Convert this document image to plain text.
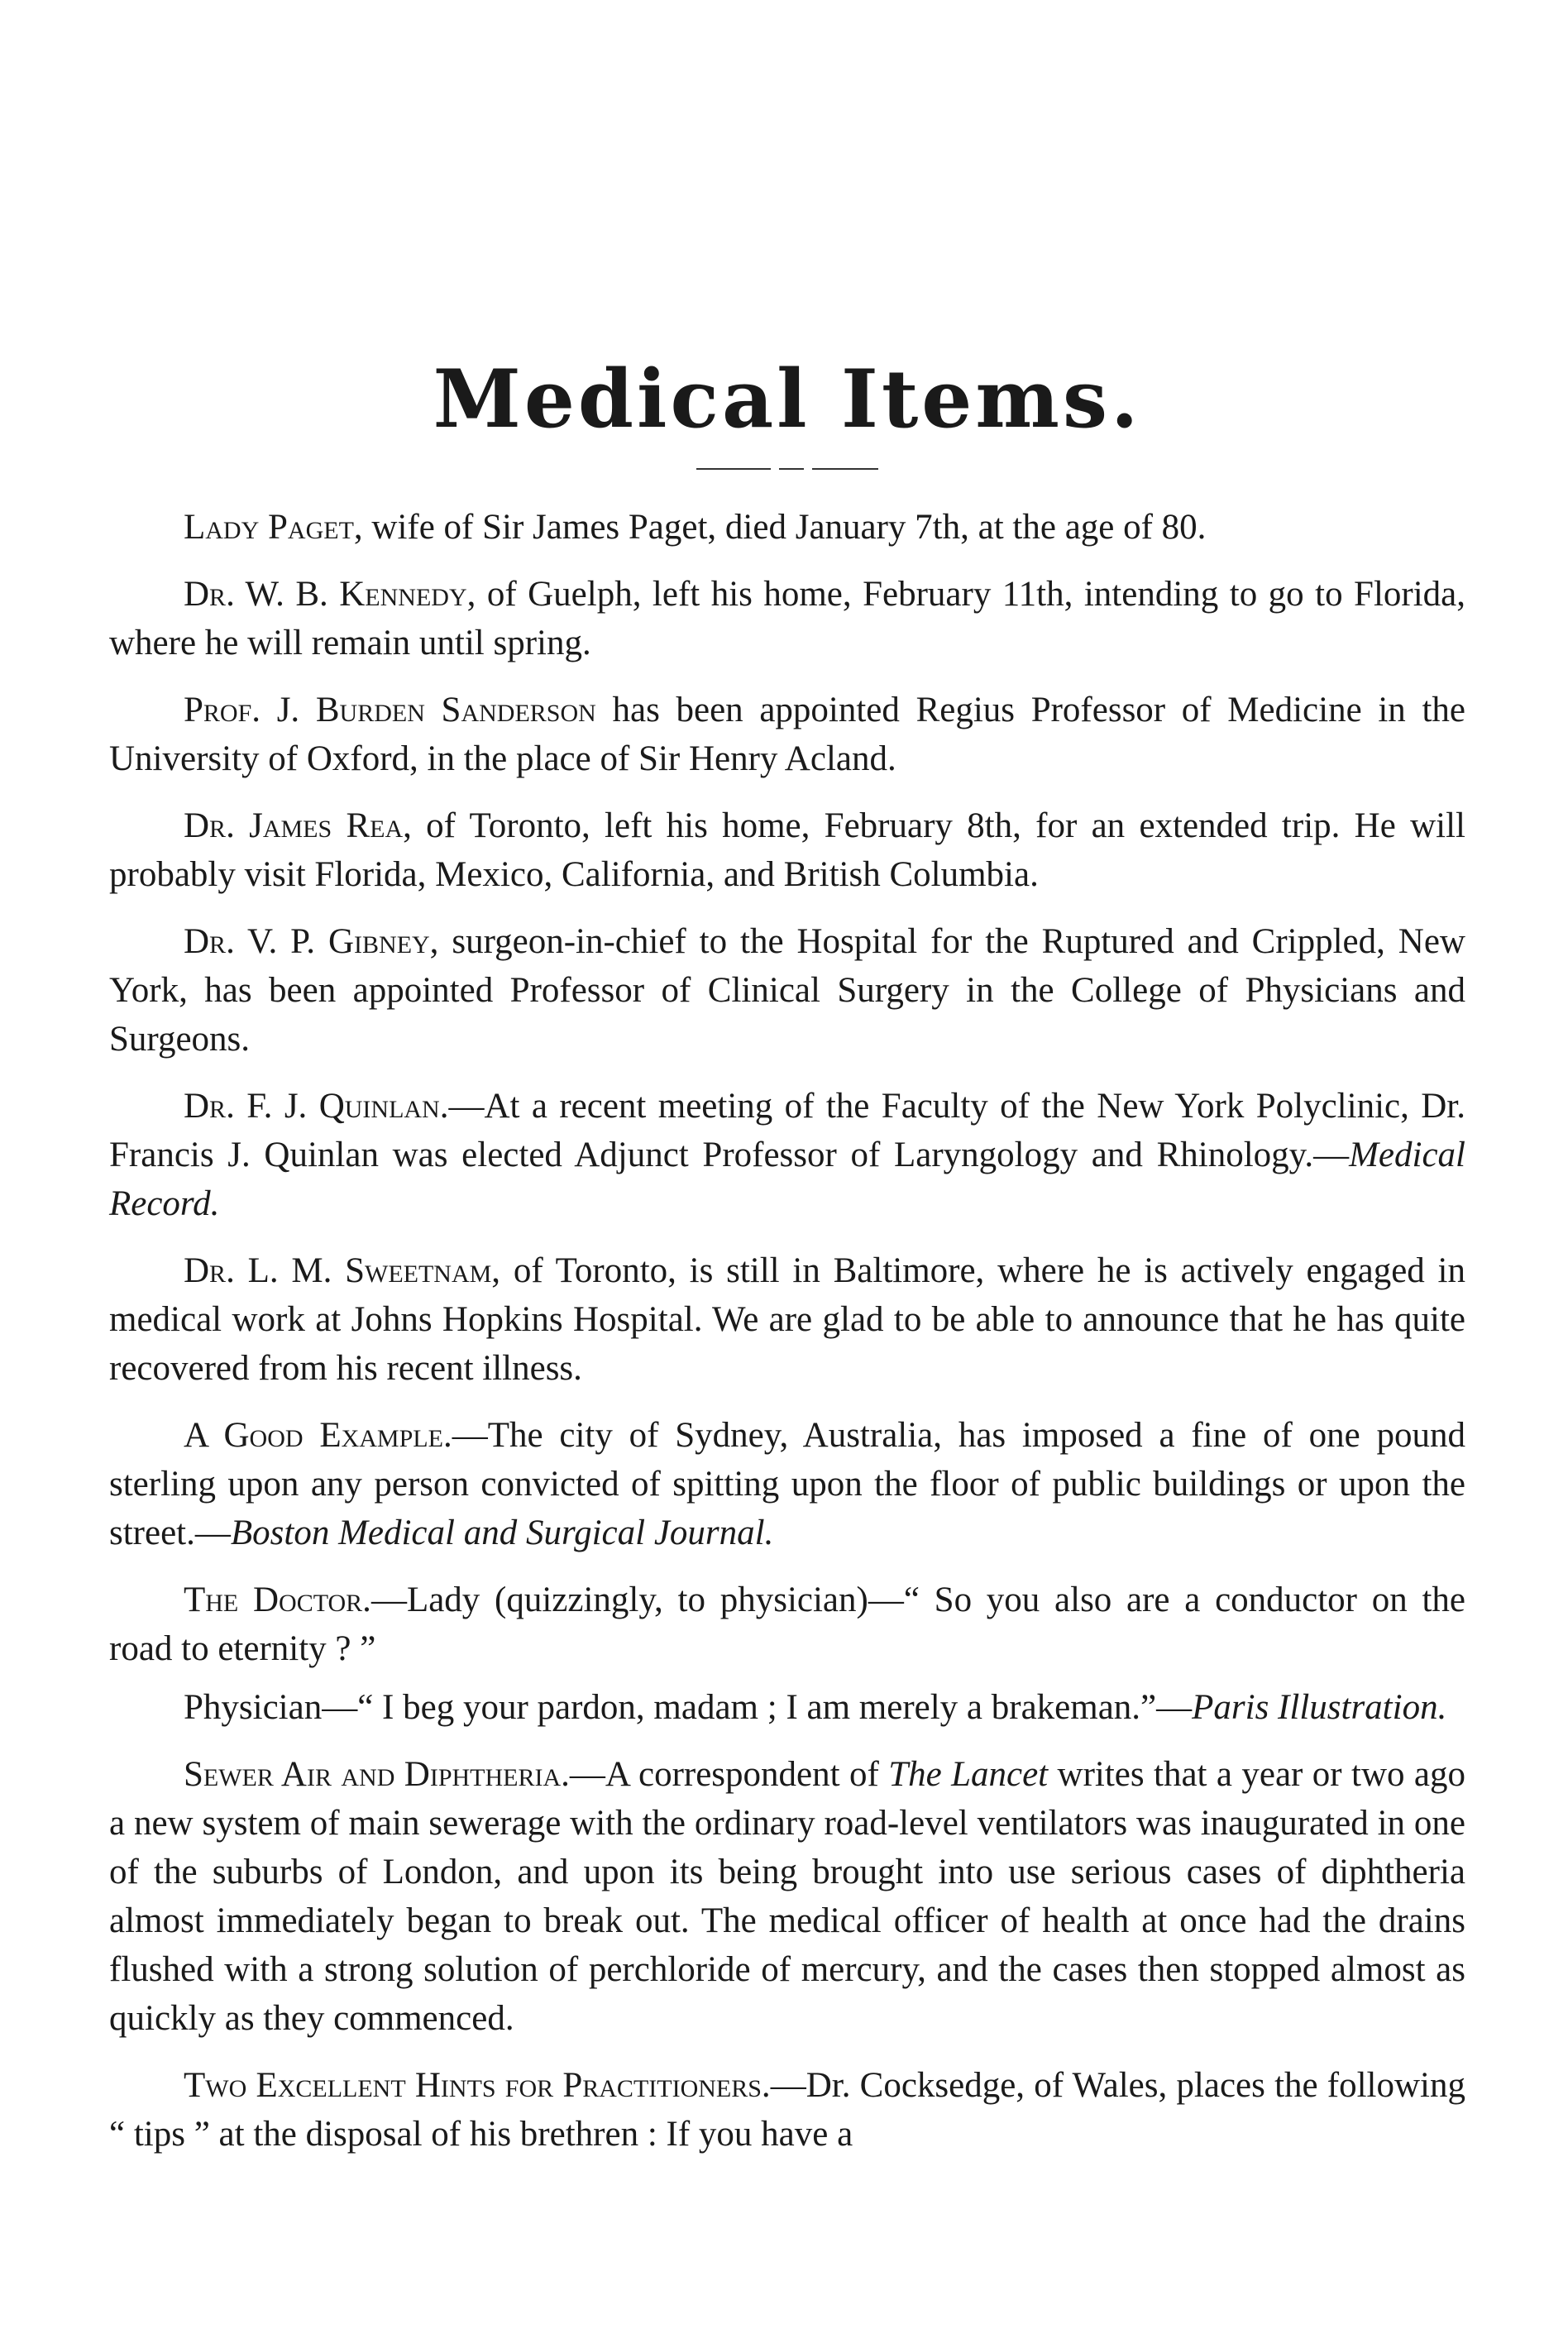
Medical Items.

Lady Paget, wife of Sir James Paget, died January 7th, at the age of 80.

Dr. W. B. Kennedy, of Guelph, left his home, February 11th, intending to go to Florida, where he will remain until spring.

Prof. J. Burden Sanderson has been appointed Regius Professor of Medicine in the University of Oxford, in the place of Sir Henry Acland.

Dr. James Rea, of Toronto, left his home, February 8th, for an extended trip. He will probably visit Florida, Mexico, California, and British Columbia.

Dr. V. P. Gibney, surgeon-in-chief to the Hospital for the Ruptured and Crippled, New York, has been appointed Professor of Clinical Surgery in the College of Physicians and Surgeons.

Dr. F. J. Quinlan.—At a recent meeting of the Faculty of the New York Polyclinic, Dr. Francis J. Quinlan was elected Adjunct Professor of Laryngology and Rhinology.—Medical Record.

Dr. L. M. Sweetnam, of Toronto, is still in Baltimore, where he is actively engaged in medical work at Johns Hopkins Hospital. We are glad to be able to announce that he has quite recovered from his recent illness.

A Good Example.—The city of Sydney, Australia, has imposed a fine of one pound sterling upon any person convicted of spitting upon the floor of public buildings or upon the street.—Boston Medical and Surgical Journal.

The Doctor.—Lady (quizzingly, to physician)—“ So you also are a conductor on the road to eternity ? ”

Physician—“ I beg your pardon, madam ; I am merely a brakeman.”—Paris Illustration.

Sewer Air and Diphtheria.—A correspondent of The Lancet writes that a year or two ago a new system of main sewerage with the ordinary road-level ventilators was inaugurated in one of the suburbs of London, and upon its being brought into use serious cases of diphtheria almost immediately began to break out. The medical officer of health at once had the drains flushed with a strong solution of perchloride of mercury, and the cases then stopped almost as quickly as they commenced.

Two Excellent Hints for Practitioners.—Dr. Cocksedge, of Wales, places the following “ tips ” at the disposal of his brethren : If you have a
